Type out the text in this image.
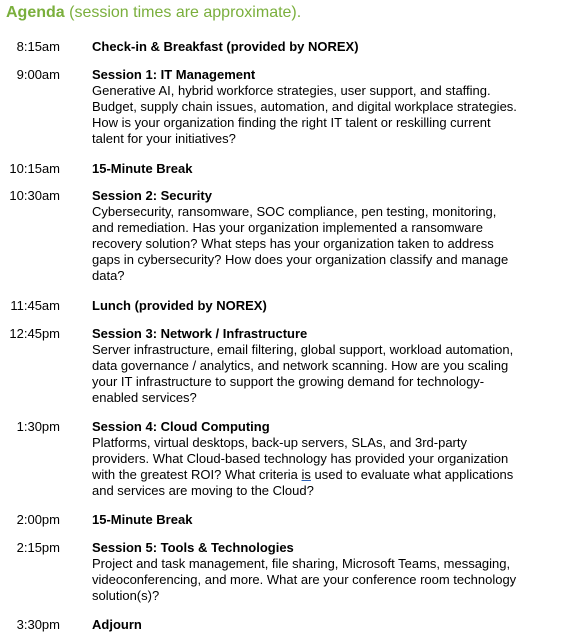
Agenda (session times are approximate).
8:15am Check-in & Breakfast (provided by NOREX)
9:00am Session 1: IT Management
Generative AI, hybrid workforce strategies, user support, and staffing.
Budget, supply chain issues, automation, and digital workplace strategies.
How is your organization finding the right IT talent or reskilling current
talent for your initiatives?
10:15am 15-Minute Break
10:30am Session 2: Security
Cybersecurity, ransomware, SOC compliance, pen testing, monitoring,
and remediation. Has your organization implemented a ransomware
recovery solution? What steps has your organization taken to address
gaps in cybersecurity? How does your organization classify and manage
data?
11:45am Lunch (provided by NOREX)
12:45pm Session 3: Network / Infrastructure
Server infrastructure, email filtering, global support, workload automation,
data governance / analytics, and network scanning. How are you scaling
your IT infrastructure to support the growing demand for technology-
enabled services?
1:30pm Session 4: Cloud Computing
Platforms, virtual desktops, back-up servers, SLAs, and 3rd-party
providers. What Cloud-based technology has provided your organization
with the greatest ROI? What criteria is used to evaluate what applications
and services are moving to the Cloud?
2:00pm 15-Minute Break
2:15pm Session 5: Tools & Technologies
Project and task management, file sharing, Microsoft Teams, messaging,
videoconferencing, and more. What are your conference room technology
solution(s)?
3:30pm Adjourn
